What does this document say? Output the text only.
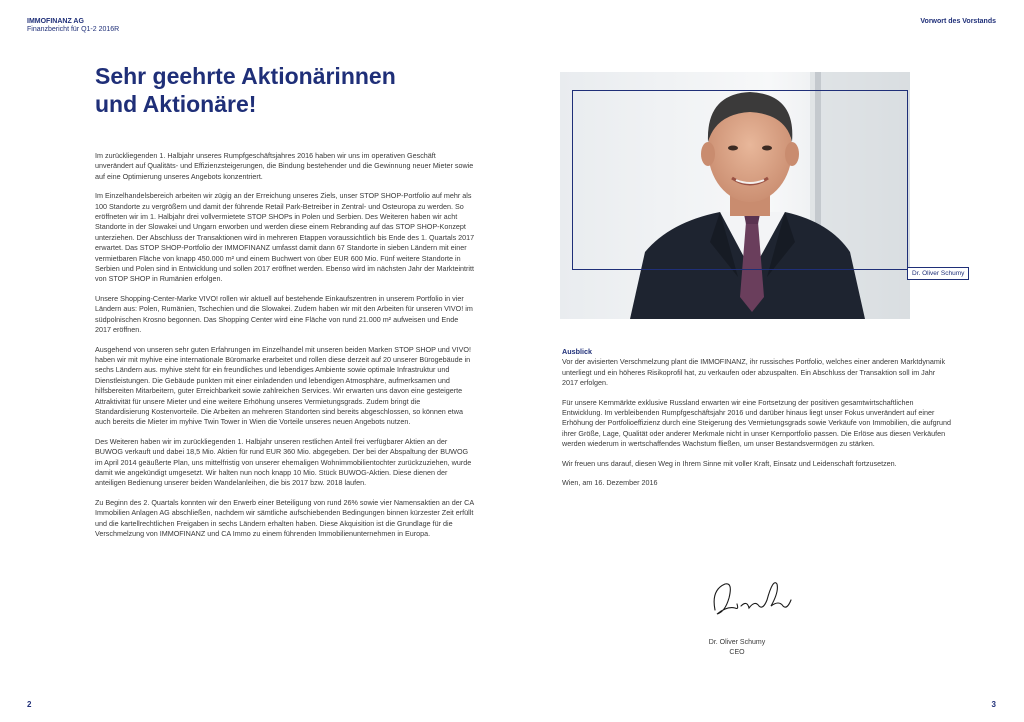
IMMOFINANZ AG
Finanzbericht für Q1-2 2016R
Sehr geehrte Aktionärinnen
und Aktionäre!

Im zurückliegenden 1. Halbjahr unseres Rumpfgeschäftsjahres 2016 haben wir uns im operativen Geschäft unverändert auf Qualitäts- und Effizienzsteigerungen, die Bindung bestehender und die Gewinnung neuer Mieter sowie auf eine Optimierung unseres Angebots konzentriert.

Im Einzelhandelsbereich arbeiten wir zügig an der Erreichung unseres Ziels, unser STOP SHOP-Portfolio auf mehr als 100 Standorte zu vergrößern und damit der führende Retail Park-Betreiber in Zentral- und Osteuropa zu werden. So eröffneten wir im 1. Halbjahr drei vollvermietete STOP SHOPs in Polen und Serbien. Des Weiteren haben wir acht Standorte in der Slowakei und Ungarn erworben und werden diese einem Rebranding auf das STOP SHOP-Konzept unterziehen. Der Abschluss der Transaktionen wird in mehreren Etappen voraussichtlich bis Ende des 1. Quartals 2017 erwartet. Das STOP SHOP-Portfolio der IMMOFINANZ umfasst damit dann 67 Standorte in sieben Ländern mit einer vermietbaren Fläche von knapp 450.000 m² und einem Buchwert von über EUR 600 Mio. Fünf weitere Standorte in Serbien und Polen sind in Entwicklung und sollen 2017 eröffnet werden. Ebenso wird im nächsten Jahr der Markteintritt von STOP SHOP in Rumänien erfolgen.

Unsere Shopping-Center-Marke VIVO! rollen wir aktuell auf bestehende Einkaufszentren in unserem Portfolio in vier Ländern aus: Polen, Rumänien, Tschechien und die Slowakei. Zudem haben wir mit den Arbeiten für unseren VIVO! im südpolnischen Krosno begonnen. Das Shopping Center wird eine Fläche von rund 21.000 m² aufweisen und Ende 2017 eröffnen.

Ausgehend von unseren sehr guten Erfahrungen im Einzelhandel mit unseren beiden Marken STOP SHOP und VIVO! haben wir mit myhive eine internationale Büromarke erarbeitet und rollen diese derzeit auf 20 unserer Bürogebäude in sechs Ländern aus. myhive steht für ein freundliches und lebendiges Ambiente sowie optimale Infrastruktur und Dienstleistungen. Die Gebäude punkten mit einer einladenden und lebendigen Atmosphäre, aufmerksamen und hilfsbereiten Mitarbeitern, guter Erreichbarkeit sowie zahlreichen Services. Wir erwarten uns davon eine gesteigerte Attraktivität für unsere Mieter und eine weitere Erhöhung unseres Vermietungsgrads. Zudem bringt die Standardisierung Kostenvorteile. Die Arbeiten an mehreren Standorten sind bereits abgeschlossen, so können etwa auch bereits die Mieter im myhive Twin Tower in Wien die Vorteile unseres neuen Angebots nutzen.

Des Weiteren haben wir im zurückliegenden 1. Halbjahr unseren restlichen Anteil frei verfügbarer Aktien an der BUWOG verkauft und dabei 18,5 Mio. Aktien für rund EUR 360 Mio. abgegeben. Der bei der Abspaltung der BUWOG im April 2014 geäußerte Plan, uns mittelfristig von unserer ehemaligen Wohnimmobilientochter zurückzuziehen, wurde damit wie angekündigt umgesetzt. Wir halten nun noch knapp 10 Mio. Stück BUWOG-Aktien. Diese dienen der anteiligen Bedienung unserer beiden Wandelanleihen, die bis 2017 bzw. 2018 laufen.

Zu Beginn des 2. Quartals konnten wir den Erwerb einer Beteiligung von rund 26% sowie vier Namensaktien an der CA Immobilien Anlagen AG abschließen, nachdem wir sämtliche aufschiebenden Bedingungen binnen kürzester Zeit erfüllt und die kartellrechtlichen Freigaben in sechs Ländern erhalten haben. Diese Akquisition ist die Grundlage für die Verschmelzung von IMMOFINANZ und CA Immo zu einem führenden Immobilienunternehmen in Europa.

2
Vorwort des Vorstands
Dr. Oliver Schumy
Ausblick

Vor der avisierten Verschmelzung plant die IMMOFINANZ, ihr russisches Portfolio, welches einer anderen Marktdynamik unterliegt und ein höheres Risikoprofil hat, zu verkaufen oder abzuspalten. Ein Abschluss der Transaktion soll im Jahr 2017 erfolgen.

Für unsere Kernmärkte exklusive Russland erwarten wir eine Fortsetzung der positiven gesamtwirtschaftlichen Entwicklung. Im verbleibenden Rumpfgeschäftsjahr 2016 und darüber hinaus liegt unser Fokus unverändert auf einer Erhöhung der Portfolioeffizienz durch eine Steigerung des Vermietungsgrads sowie Verkäufe von Immobilien, die aufgrund ihrer Größe, Lage, Qualität oder anderer Merkmale nicht in unser Kernportfolio passen. Die Erlöse aus diesen Verkäufen werden wiederum in wertschaffendes Wachstum fließen, um unser Bestandsvermögen zu stärken.

Wir freuen uns darauf, diesen Weg in Ihrem Sinne mit voller Kraft, Einsatz und Leidenschaft fortzusetzen.

Wien, am 16. Dezember 2016

Dr. Oliver Schumy
CEO
3
